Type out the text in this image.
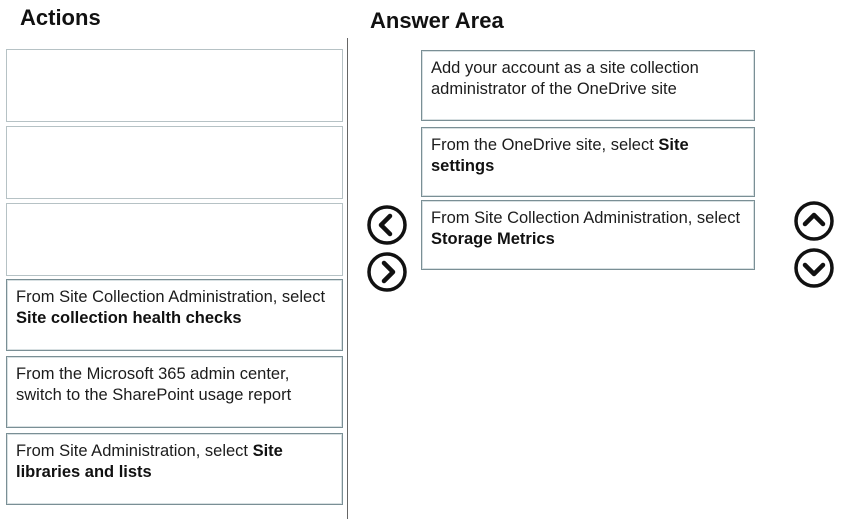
Actions	Answer Area
From Site Collection Administration, select Site collection health checks
From the Microsoft 365 admin center, switch to the SharePoint usage report
From Site Administration, select Site libraries and lists
Add your account as a site collection administrator of the OneDrive site
From the OneDrive site, select Site settings
From Site Collection Administration, select Storage Metrics
